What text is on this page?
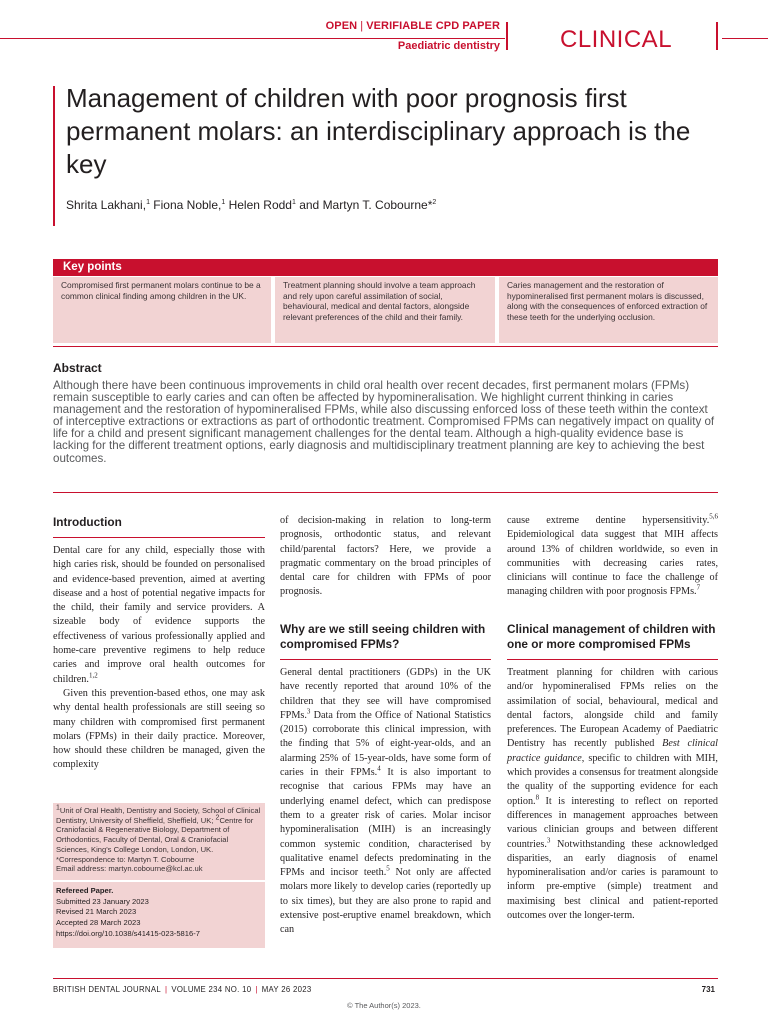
OPEN | VERIFIABLE CPD PAPER
Paediatric dentistry	CLINICAL
Management of children with poor prognosis first permanent molars: an interdisciplinary approach is the key
Shrita Lakhani,$^1$ Fiona Noble,$^1$ Helen Rodd$^1$ and Martyn T. Cobourne*$^2$
Key points
Compromised first permanent molars continue to be a common clinical finding among children in the UK.
Treatment planning should involve a team approach and rely upon careful assimilation of social, behavioural, medical and dental factors, alongside relevant preferences of the child and their family.
Caries management and the restoration of hypomineralised first permanent molars is discussed, along with the consequences of enforced extraction of these teeth for the underlying occlusion.
Abstract
Although there have been continuous improvements in child oral health over recent decades, first permanent molars (FPMs) remain susceptible to early caries and can often be affected by hypomineralisation. We highlight current thinking in caries management and the restoration of hypomineralised FPMs, while also discussing enforced loss of these teeth within the context of interceptive extractions or extractions as part of orthodontic treatment. Compromised FPMs can negatively impact on quality of life for a child and present significant management challenges for the dental team. Although a high-quality evidence base is lacking for the different treatment options, early diagnosis and multidisciplinary treatment planning are key to achieving the best outcomes.
Introduction

Dental care for any child, especially those with high caries risk, should be founded on personalised and evidence-based prevention, aimed at averting disease and a host of potential negative impacts for the child, their family and service providers. A sizeable body of evidence supports the effectiveness of various professionally applied and home-care preventive regimens to help reduce caries and improve oral health outcomes for children.$^{1,2}$

Given this prevention-based ethos, one may ask why dental health professionals are still seeing so many children with compromised first permanent molars (FPMs) in their daily practice. Moreover, how should these children be managed, given the complexity

$^1$Unit of Oral Health, Dentistry and Society, School of Clinical Dentistry, University of Sheffield, Sheffield, UK; $^2$Centre for Craniofacial & Regenerative Biology, Department of Orthodontics, Faculty of Dental, Oral & Craniofacial Sciences, King's College London, London, UK.
*Correspondence to: Martyn T. Cobourne
Email address: martyn.cobourne@kcl.ac.uk
Refereed Paper.
Submitted 23 January 2023
Revised 21 March 2023
Accepted 28 March 2023
https://doi.org/10.1038/s41415-023-5816-7

of decision-making in relation to long-term prognosis, orthodontic status, and relevant child/parental factors? Here, we provide a pragmatic commentary on the broad principles of dental care for children with FPMs of poor prognosis.

Why are we still seeing children with compromised FPMs?

General dental practitioners (GDPs) in the UK have recently reported that around 10% of the children that they see will have compromised FPMs.$^3$ Data from the Office of National Statistics (2015) corroborate this clinical impression, with the finding that 5% of eight-year-olds, and an alarming 25% of 15-year-olds, have some form of caries in their FPMs.$^4$ It is also important to recognise that carious FPMs may have an underlying enamel defect, which can predispose them to a greater risk of caries. Molar incisor hypomineralisation (MIH) is an increasingly common systemic condition, characterised by qualitative enamel defects predominating in the FPMs and incisor teeth.$^5$ Not only are affected molars more likely to develop caries (reportedly up to six times), but they are also prone to rapid and extensive post-eruptive enamel breakdown, which can

cause extreme dentine hypersensitivity.$^{5,6}$ Epidemiological data suggest that MIH affects around 13% of children worldwide, so even in communities with decreasing caries rates, clinicians will continue to face the challenge of managing children with poor prognosis FPMs.$^7$

Clinical management of children with one or more compromised FPMs

Treatment planning for children with carious and/or hypomineralised FPMs relies on the assimilation of social, behavioural, medical and dental factors, alongside child and family preferences. The European Academy of Paediatric Dentistry has recently published Best clinical practice guidance, specific to children with MIH, which provides a consensus for treatment alongside the quality of the supporting evidence for each option.$^8$ It is interesting to reflect on reported differences in management approaches between various clinician groups and between different countries.$^3$ Notwithstanding these acknowledged disparities, an early diagnosis of enamel hypomineralisation and/or caries is paramount to inform pre-emptive (simple) treatment and maximising best clinical and patient-reported outcomes over the longer-term.

BRITISH DENTAL JOURNAL | VOLUME 234 NO. 10 | MAY 26 2023	731
© The Author(s) 2023.
